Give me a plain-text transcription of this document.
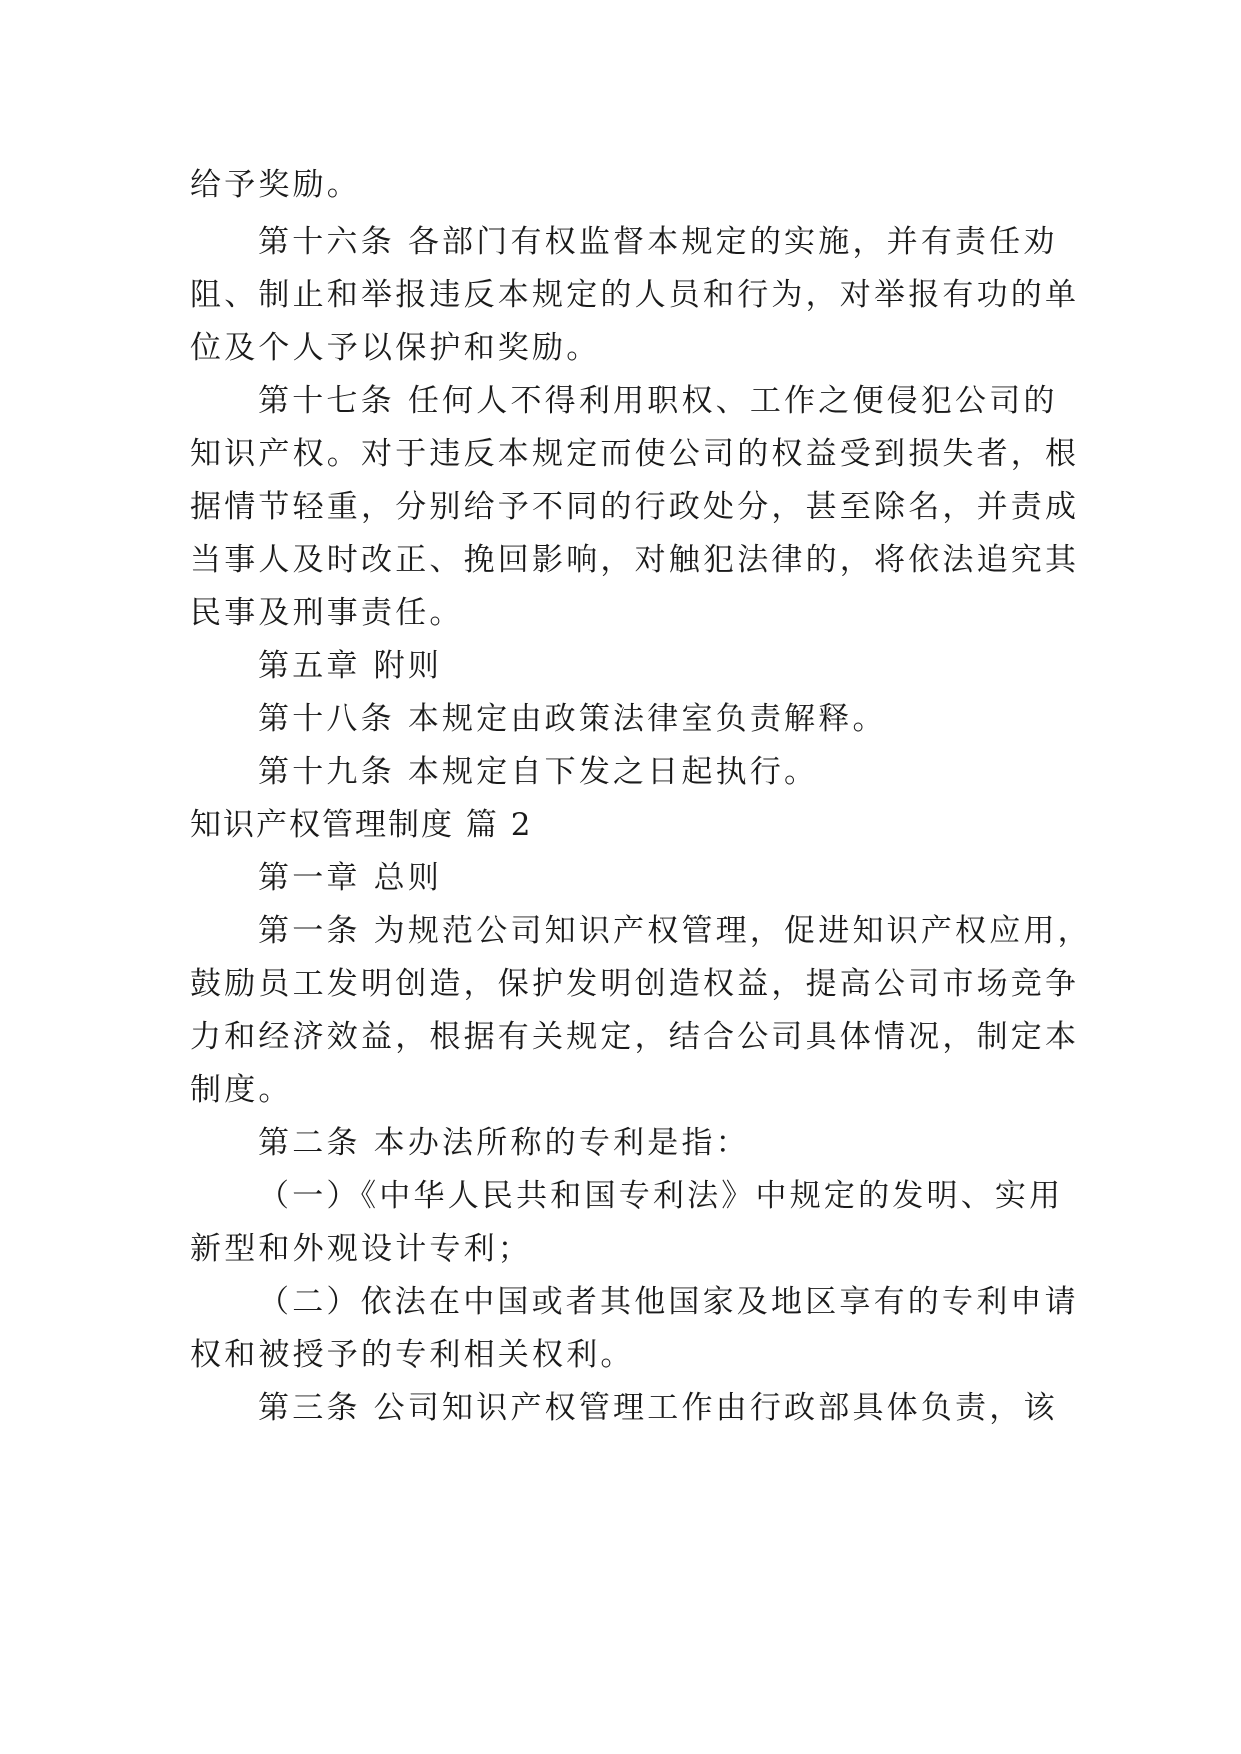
给予奖励。
第十六条 各部门有权监督本规定的实施，并有责任劝
阻、制止和举报违反本规定的人员和行为，对举报有功的单
位及个人予以保护和奖励。
第十七条 任何人不得利用职权、工作之便侵犯公司的
知识产权。对于违反本规定而使公司的权益受到损失者，根
据情节轻重，分别给予不同的行政处分，甚至除名，并责成
当事人及时改正、挽回影响，对触犯法律的，将依法追究其
民事及刑事责任。
第五章 附则
第十八条 本规定由政策法律室负责解释。
第十九条 本规定自下发之日起执行。
知识产权管理制度 篇 2
第一章 总则
第一条 为规范公司知识产权管理，促进知识产权应用，
鼓励员工发明创造，保护发明创造权益，提高公司市场竞争
力和经济效益，根据有关规定，结合公司具体情况，制定本
制度。
第二条 本办法所称的专利是指：
（一）《中华人民共和国专利法》中规定的发明、实用
新型和外观设计专利；
（二）依法在中国或者其他国家及地区享有的专利申请
权和被授予的专利相关权利。
第三条 公司知识产权管理工作由行政部具体负责，该
